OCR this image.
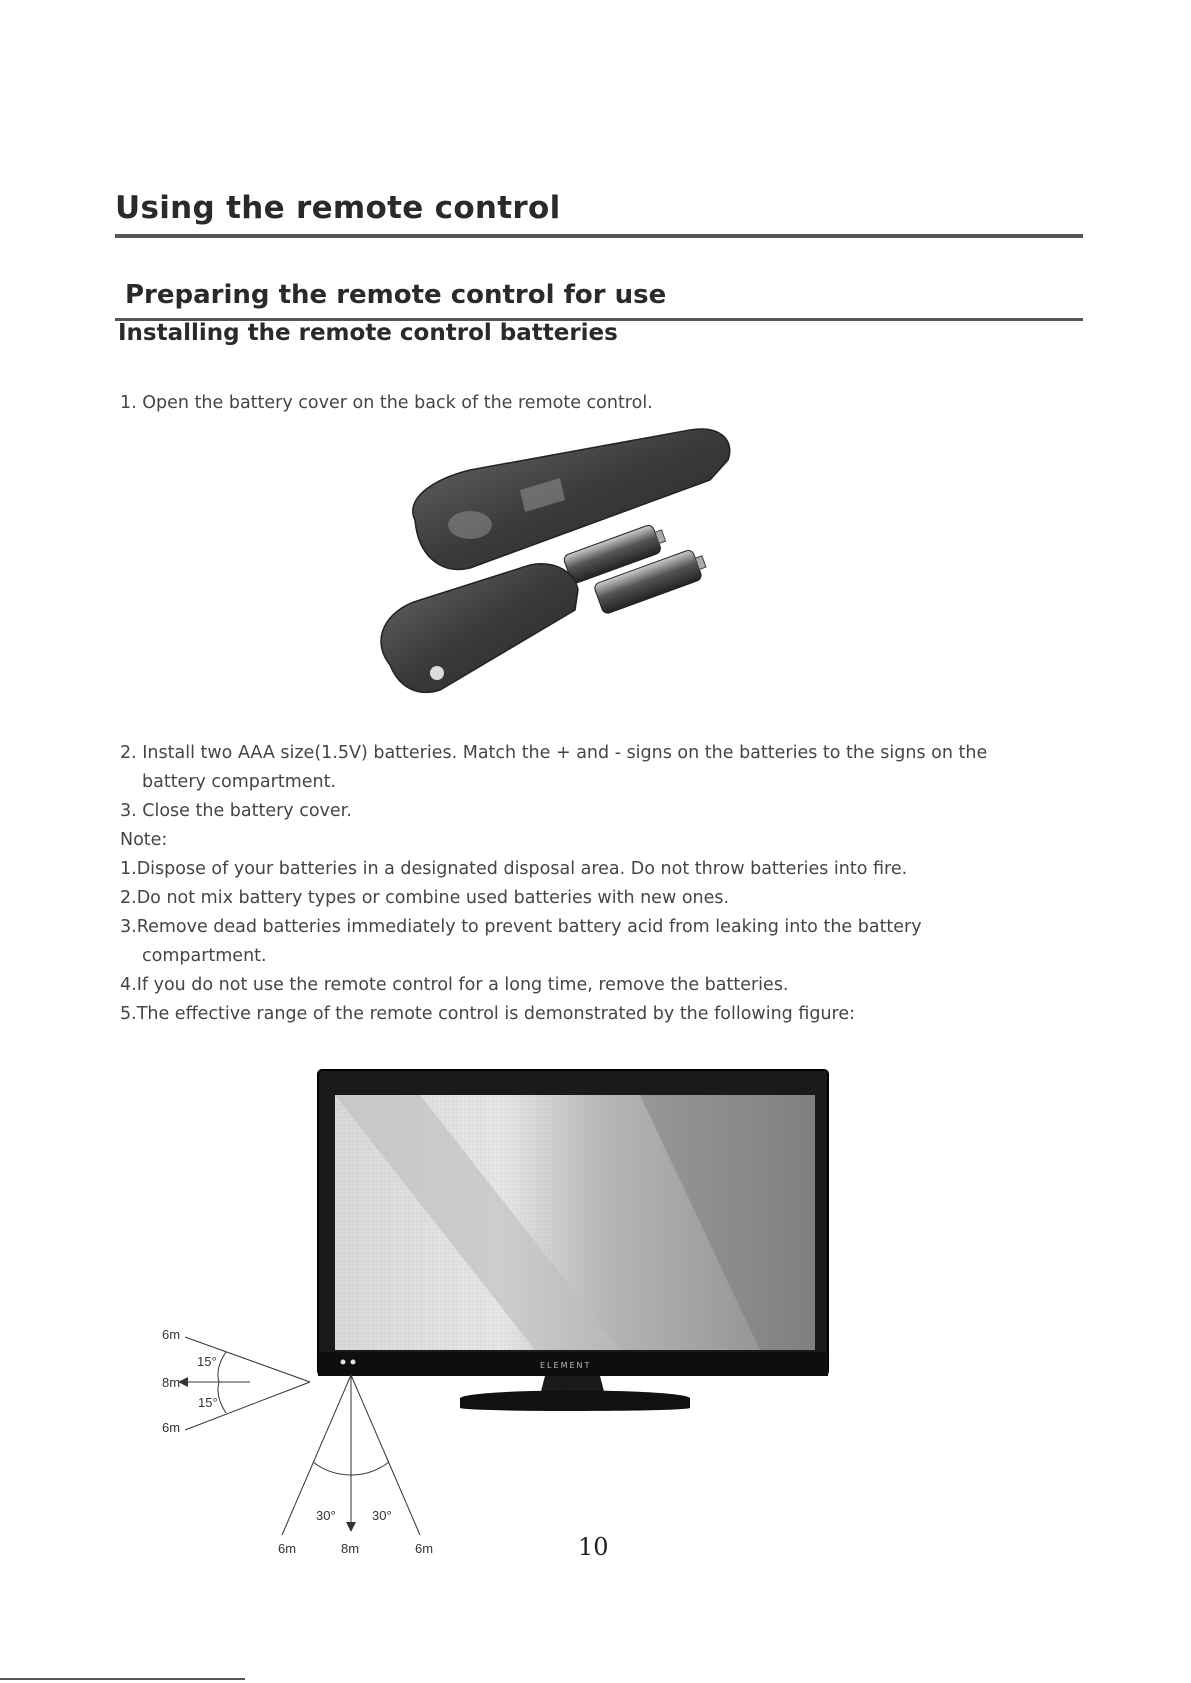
Using the remote control
Preparing the remote control for use
Installing the remote control batteries
1. Open the battery cover on the back of the remote control.
ELEMENT
6m
15°
8m
15°
6m
30°	30°
6m	8m	6m
2. Install two AAA size(1.5V) batteries. Match the + and - signs on the batteries to the signs on the
battery compartment.
3. Close the battery cover.
Note:
1.Dispose of your batteries in a designated disposal area. Do not throw batteries into fire.
2.Do not mix battery types or combine used batteries with new ones.
3.Remove dead batteries immediately to prevent battery acid from leaking into the battery
compartment.
4.If you do not use the remote control for a long time, remove the batteries.
5.The effective range of the remote control is demonstrated by the following figure:
10
